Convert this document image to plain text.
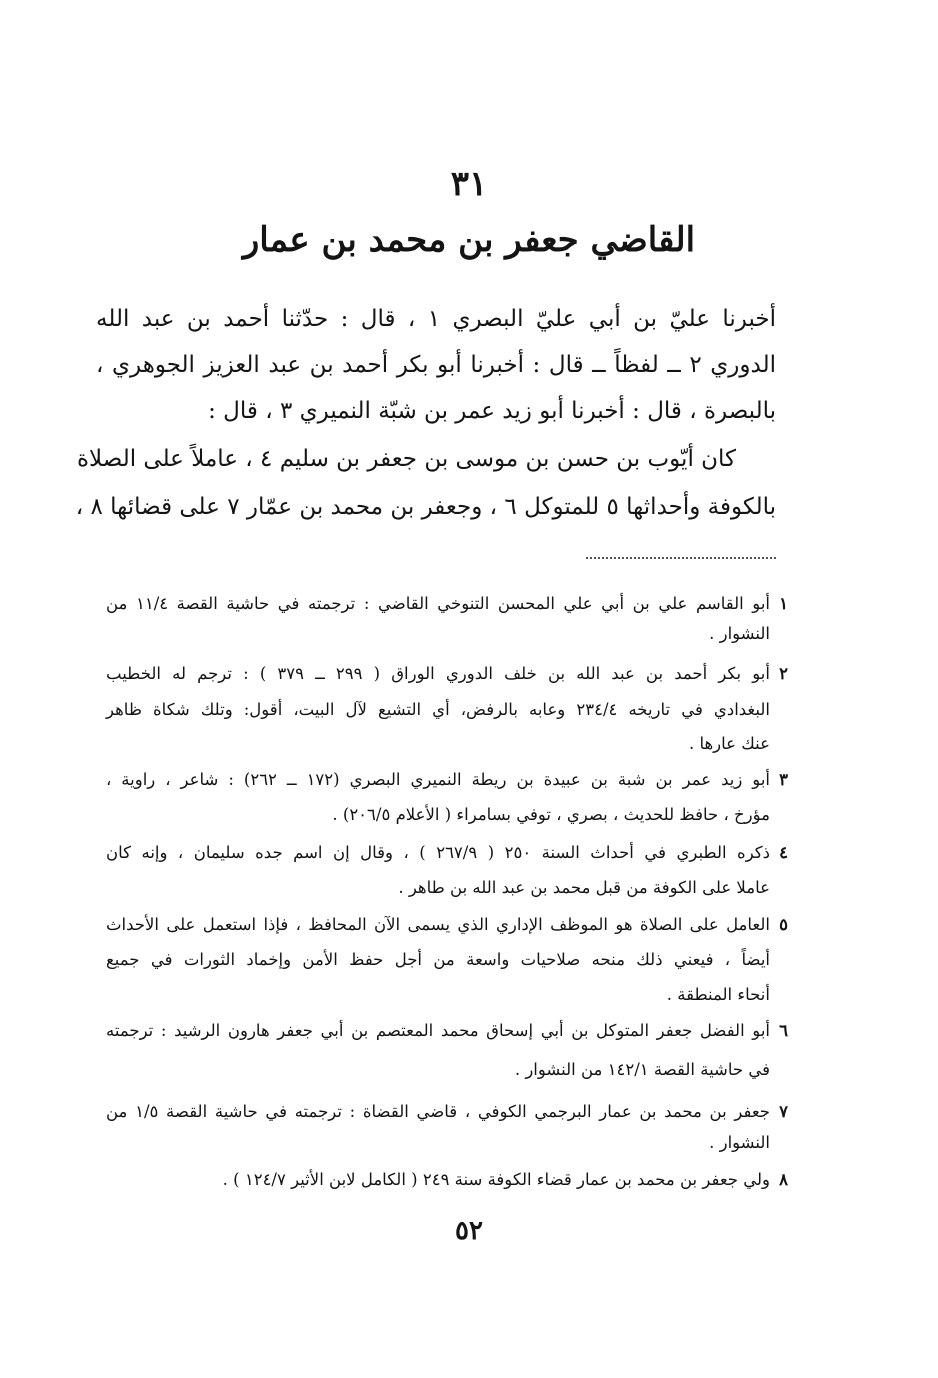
٣١
القاضي جعفر بن محمد بن عمار
أخبرنا عليّ بن أبي عليّ البصري ١ ، قال : حدّثنا أحمد بن عبد الله
الدوري ٢ ــ لفظاً ــ قال : أخبرنا أبو بكر أحمد بن عبد العزيز الجوهري ،
بالبصرة ، قال : أخبرنا أبو زيد عمر بن شبّة النميري ٣ ، قال :
كان أيّوب بن حسن بن موسى بن جعفر بن سليم ٤ ، عاملاً على الصلاة
بالكوفة وأحداثها ٥ للمتوكل ٦ ، وجعفر بن محمد بن عمّار ٧ على قضائها ٨ ،
١
٢
٣
٤
٥
٦
٧
٨
أبو القاسم علي بن أبي علي المحسن التنوخي القاضي : ترجمته في حاشية القصة ١١/٤ من
النشوار .
أبو بكر أحمد بن عبد الله بن خلف الدوري الوراق ( ٢٩٩ ــ ٣٧٩ ) : ترجم له الخطيب
البغدادي في تاريخه ٢٣٤/٤ وعابه بالرفض، أي التشيع لآل البيت، أقول: وتلك شكاة ظاهر
عنك عارها .
أبو زيد عمر بن شبة بن عبيدة بن ريطة النميري البصري (١٧٢ ــ ٢٦٢) : شاعر ، راوية ،
مؤرخ ، حافظ للحديث ، بصري ، توفي بسامراء ( الأعلام ٢٠٦/٥) .
ذكره الطبري في أحداث السنة ٢٥٠ ( ٢٦٧/٩ ) ، وقال إن اسم جده سليمان ، وإنه كان
عاملا على الكوفة من قبل محمد بن عبد الله بن طاهر .
العامل على الصلاة هو الموظف الإداري الذي يسمى الآن المحافظ ، فإذا استعمل على الأحداث
أيضاً ، فيعني ذلك منحه صلاحيات واسعة من أجل حفظ الأمن وإخماد الثورات في جميع
أنحاء المنطقة .
أبو الفضل جعفر المتوكل بن أبي إسحاق محمد المعتصم بن أبي جعفر هارون الرشيد : ترجمته
في حاشية القصة ١٤٢/١ من النشوار .
جعفر بن محمد بن عمار البرجمي الكوفي ، قاضي القضاة : ترجمته في حاشية القصة ١/٥ من
النشوار .
ولي جعفر بن محمد بن عمار قضاء الكوفة سنة ٢٤٩ ( الكامل لابن الأثير ١٢٤/٧ ) .
٥٢
